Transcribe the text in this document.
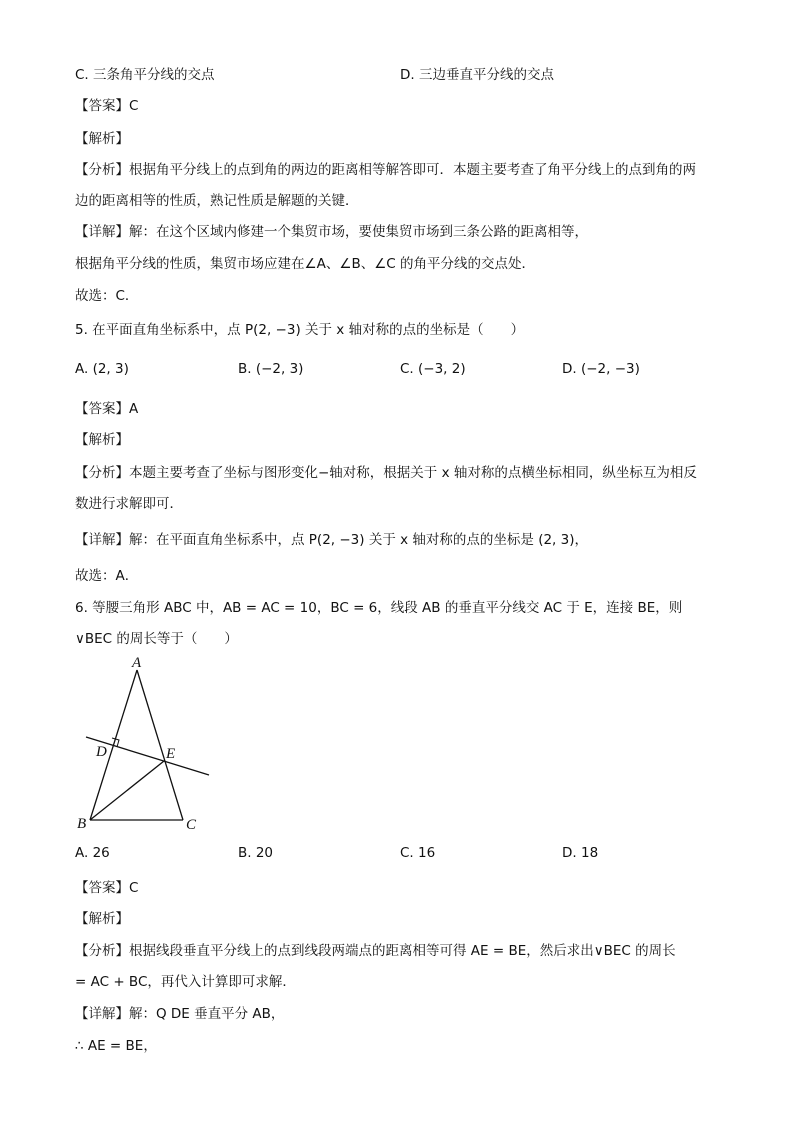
C. 三条角平分线的交点	D. 三边垂直平分线的交点
【答案】C
【解析】
【分析】根据角平分线上的点到角的两边的距离相等解答即可．本题主要考查了角平分线上的点到角的两
边的距离相等的性质，熟记性质是解题的关键．
【详解】解：在这个区域内修建一个集贸市场，要使集贸市场到三条公路的距离相等，
根据角平分线的性质，集贸市场应建在∠A、∠B、∠C 的角平分线的交点处．
故选：C．
5. 在平面直角坐标系中，点 P(2, −3) 关于 x 轴对称的点的坐标是（　　）
A. (2, 3)	B. (−2, 3)	C. (−3, 2)	D. (−2, −3)
【答案】A
【解析】
【分析】本题主要考查了坐标与图形变化−轴对称，根据关于 x 轴对称的点横坐标相同，纵坐标互为相反
数进行求解即可．
【详解】解：在平面直角坐标系中，点 P(2, −3) 关于 x 轴对称的点的坐标是 (2, 3)，
故选：A．
6. 等腰三角形 ABC 中，AB = AC = 10，BC = 6，线段 AB 的垂直平分线交 AC 于 E，连接 BE，则
∨BEC 的周长等于（　　）
A
B	C
D	E
A. 26	B. 20	C. 16	D. 18
【答案】C
【解析】
【分析】根据线段垂直平分线上的点到线段两端点的距离相等可得 AE = BE，然后求出∨BEC 的周长
= AC + BC，再代入计算即可求解．
【详解】解：Q DE 垂直平分 AB，
∴ AE = BE，
